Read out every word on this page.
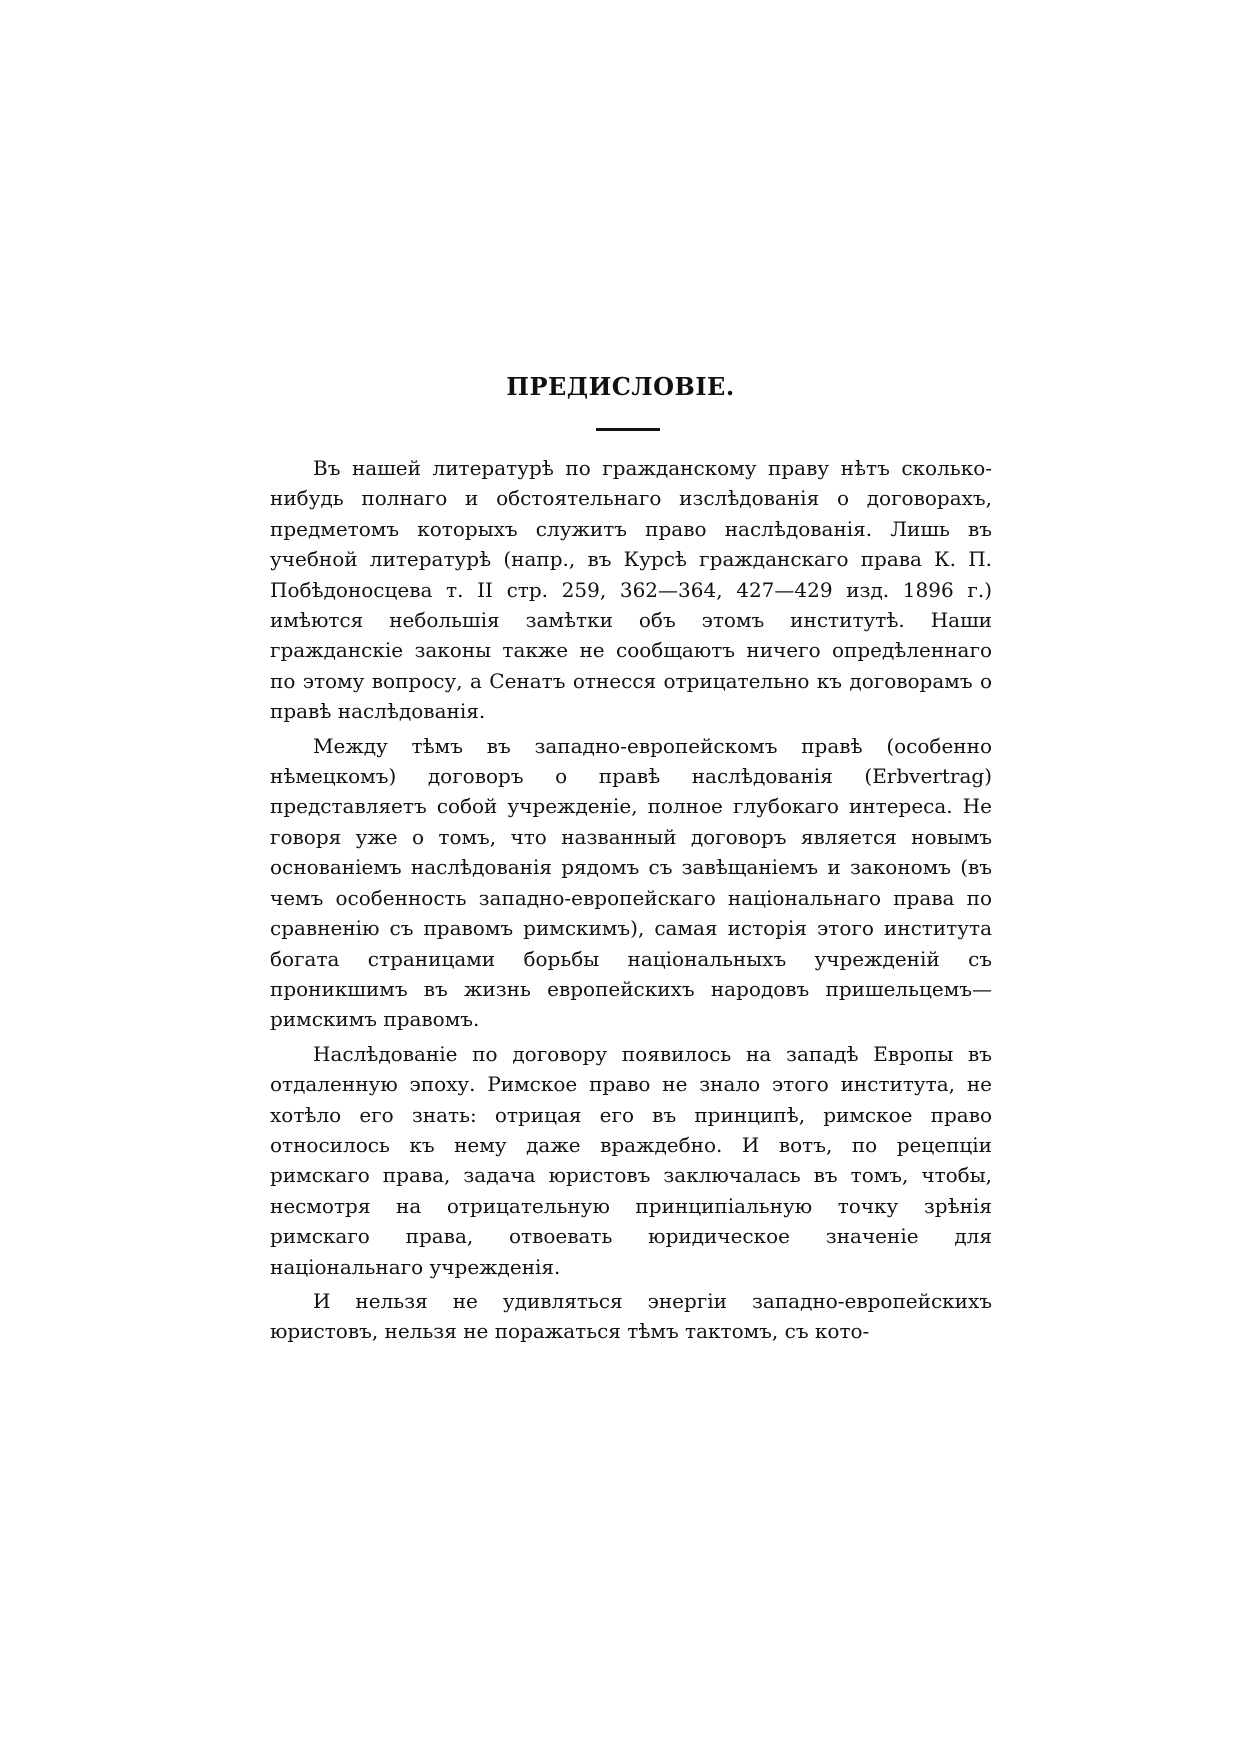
ПРЕДИСЛОВІЕ.

Въ нашей литературѣ по гражданскому праву нѣтъ сколько-нибудь полнаго и обстоятельнаго изслѣдованія о договорахъ, предметомъ которыхъ служитъ право наслѣдованія. Лишь въ учебной литературѣ (напр., въ Курсѣ гражданскаго права К. П. Побѣдоносцева т. II стр. 259, 362—364, 427—429 изд. 1896 г.) имѣются небольшія замѣтки объ этомъ институтѣ. Наши гражданскіе законы также не сообщаютъ ничего опредѣленнаго по этому вопросу, а Сенатъ отнесся отрицательно къ договорамъ о правѣ наслѣдованія.

Между тѣмъ въ западно-европейскомъ правѣ (особенно нѣмецкомъ) договоръ о правѣ наслѣдованія (Erbvertrag) представляетъ собой учрежденіе, полное глубокаго интереса. Не говоря уже о томъ, что названный договоръ является новымъ основаніемъ наслѣдованія рядомъ съ завѣщаніемъ и закономъ (въ чемъ особенность западно-европейскаго національнаго права по сравненію съ правомъ римскимъ), самая исторія этого института богата страницами борьбы національныхъ учрежденій съ проникшимъ въ жизнь европейскихъ народовъ пришельцемъ—римскимъ правомъ.

Наслѣдованіе по договору появилось на западѣ Европы въ отдаленную эпоху. Римское право не знало этого института, не хотѣло его знать: отрицая его въ принципѣ, римское право относилось къ нему даже враждебно. И вотъ, по рецепціи римскаго права, задача юристовъ заключалась въ томъ, чтобы, несмотря на отрицательную принципіальную точку зрѣнія римскаго права, отвоевать юридическое значеніе для національнаго учрежденія.

И нельзя не удивляться энергіи западно-европейскихъ юристовъ, нельзя не поражаться тѣмъ тактомъ, съ кото-
